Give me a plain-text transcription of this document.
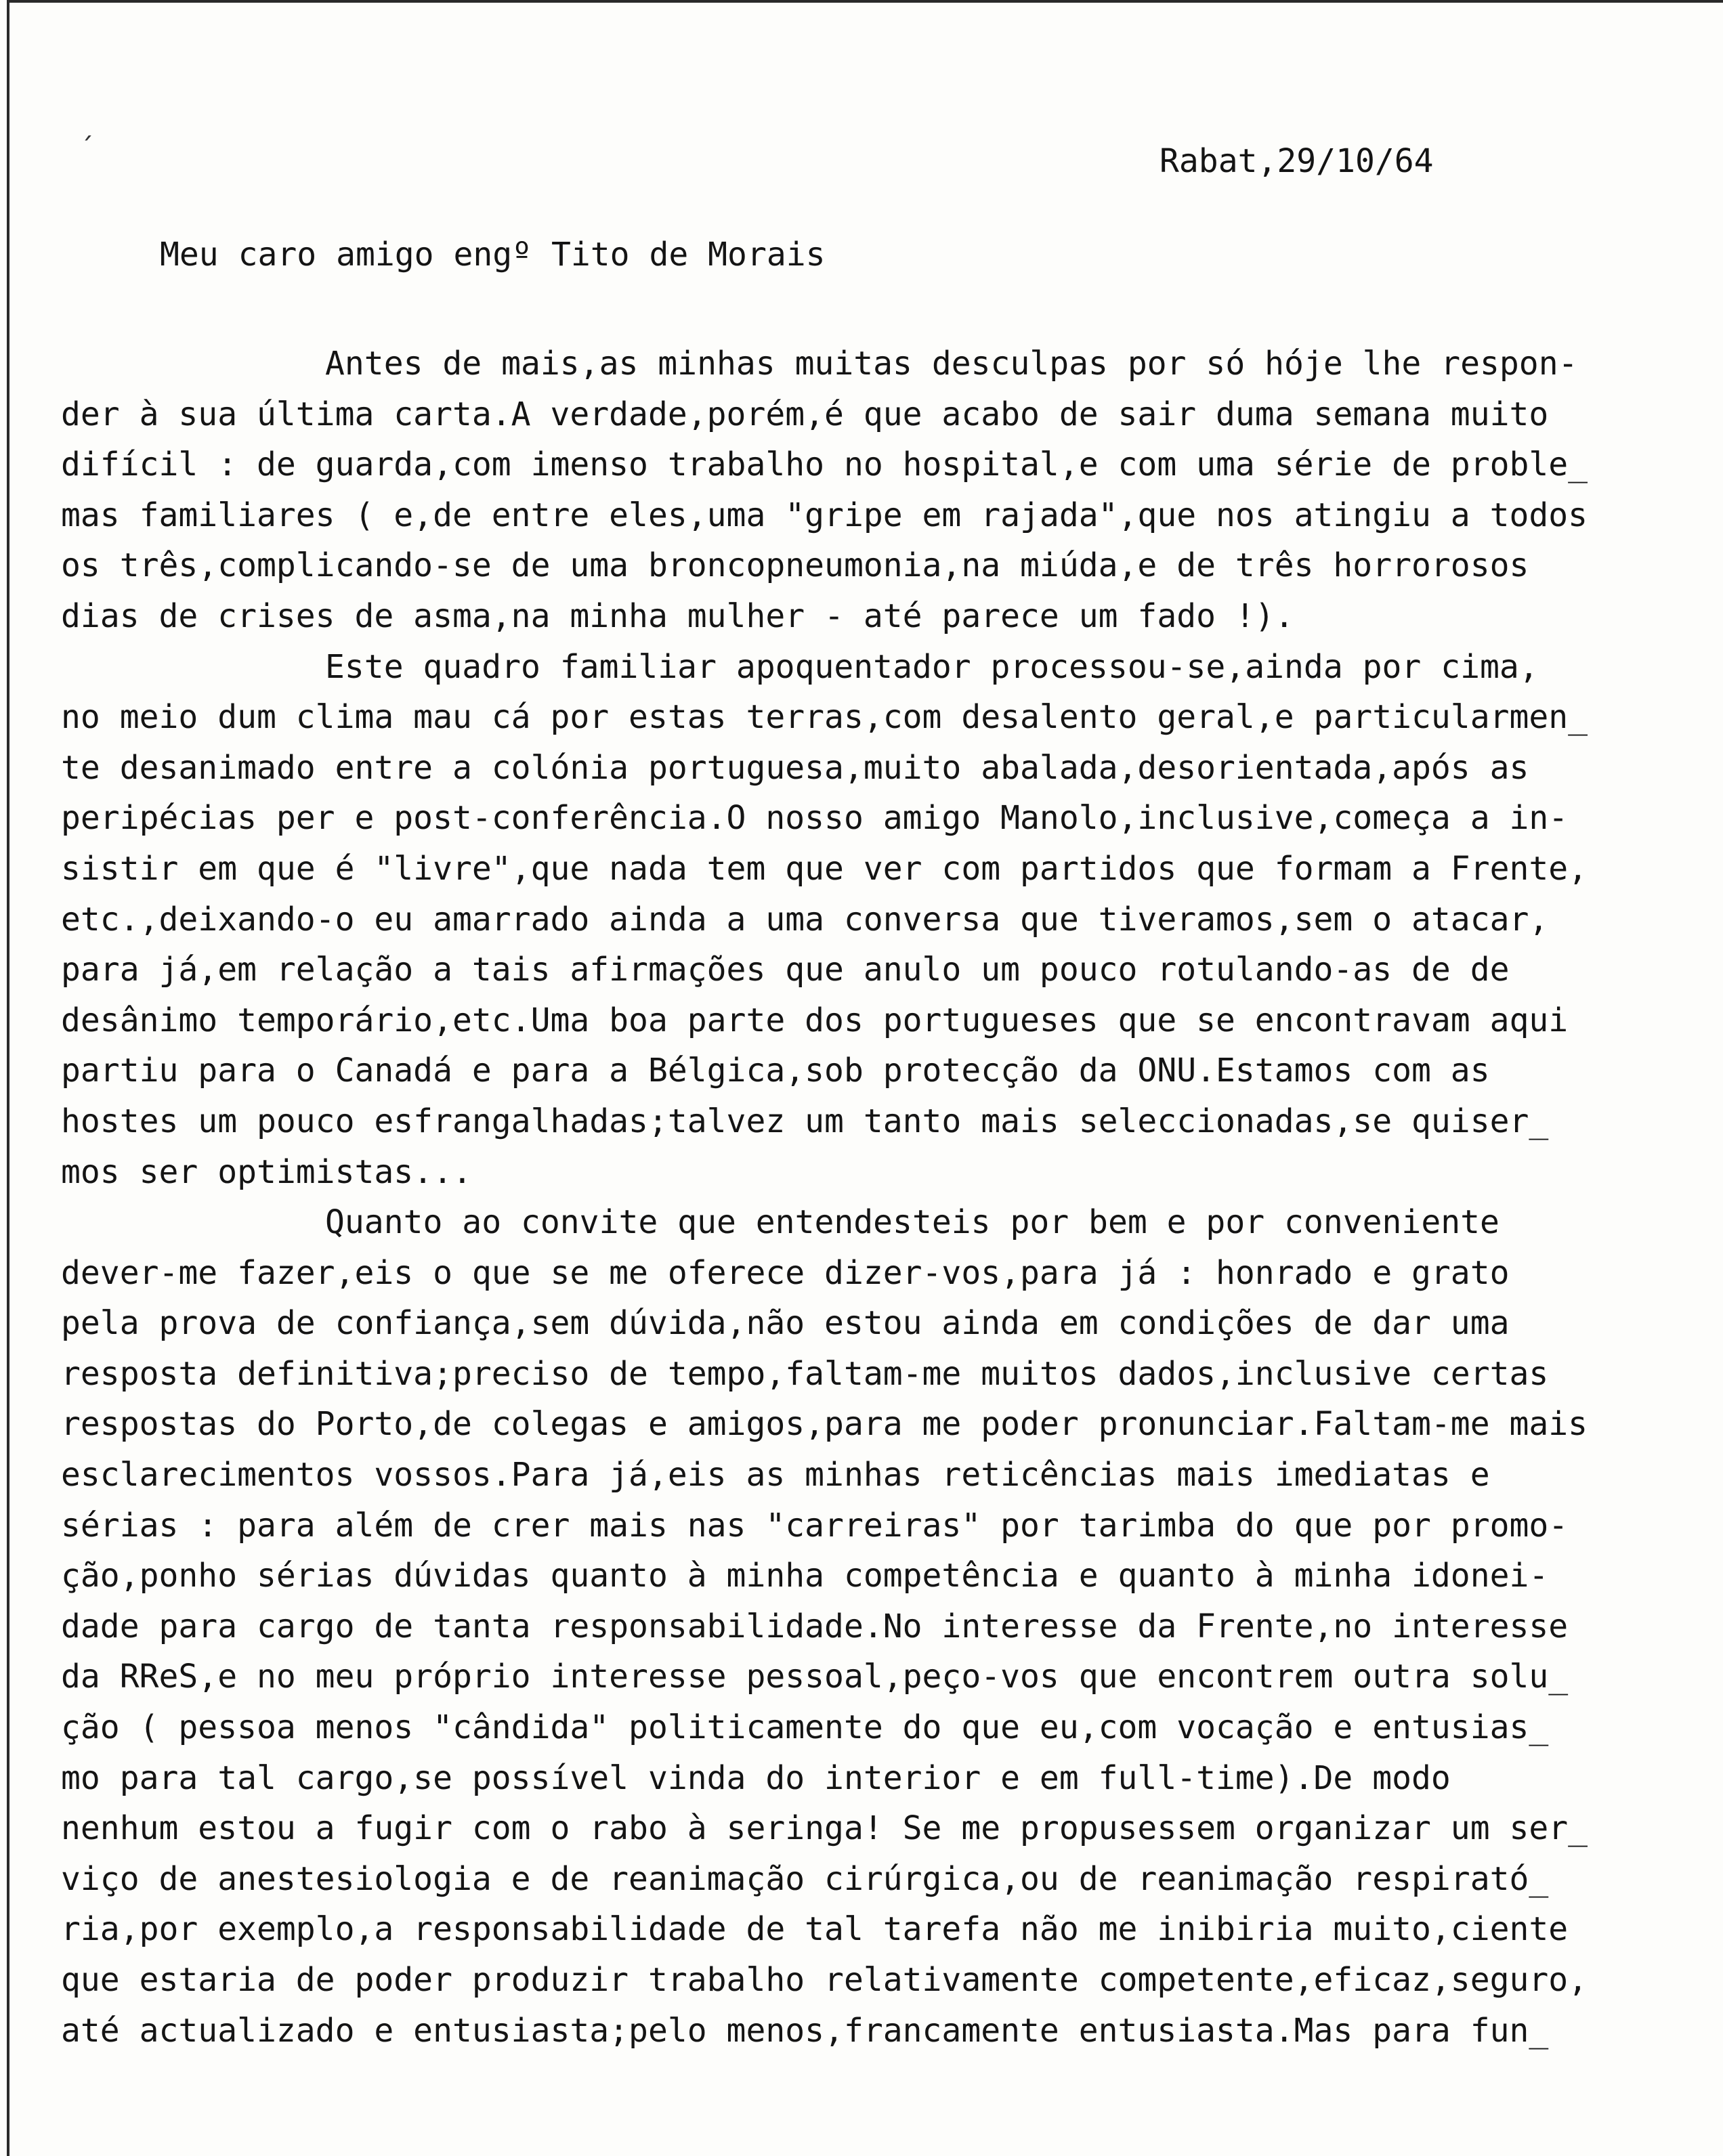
ˏ
Rabat,29/10/64
Meu caro amigo engº Tito de Morais
Antes de mais,as minhas muitas desculpas por só hóje lhe respon-
der à sua última carta.A verdade,porém,é que acabo de sair duma semana muito
difícil : de guarda,com imenso trabalho no hospital,e com uma série de proble_
mas familiares ( e,de entre eles,uma "gripe em rajada",que nos atingiu a todos
os três,complicando-se de uma broncopneumonia,na miúda,e de três horrorosos
dias de crises de asma,na minha mulher - até parece um fado !).
Este quadro familiar apoquentador processou-se,ainda por cima,
no meio dum clima mau cá por estas terras,com desalento geral,e particularmen_
te desanimado entre a colónia portuguesa,muito abalada,desorientada,após as
peripécias per e post-conferência.O nosso amigo Manolo,inclusive,começa a in-
sistir em que é "livre",que nada tem que ver com partidos que formam a Frente,
etc.,deixando-o eu amarrado ainda a uma conversa que tiveramos,sem o atacar,
para já,em relação a tais afirmações que anulo um pouco rotulando-as de de
desânimo temporário,etc.Uma boa parte dos portugueses que se encontravam aqui
partiu para o Canadá e para a Bélgica,sob protecção da ONU.Estamos com as
hostes um pouco esfrangalhadas;talvez um tanto mais seleccionadas,se quiser_
mos ser optimistas...
Quanto ao convite que entendesteis por bem e por conveniente
dever-me fazer,eis o que se me oferece dizer-vos,para já : honrado e grato
pela prova de confiança,sem dúvida,não estou ainda em condições de dar uma
resposta definitiva;preciso de tempo,faltam-me muitos dados,inclusive certas
respostas do Porto,de colegas e amigos,para me poder pronunciar.Faltam-me mais
esclarecimentos vossos.Para já,eis as minhas reticências mais imediatas e
sérias : para além de crer mais nas "carreiras" por tarimba do que por promo-
ção,ponho sérias dúvidas quanto à minha competência e quanto à minha idonei-
dade para cargo de tanta responsabilidade.No interesse da Frente,no interesse
da RReS,e no meu próprio interesse pessoal,peço-vos que encontrem outra solu_
ção ( pessoa menos "cândida" politicamente do que eu,com vocação e entusias_
mo para tal cargo,se possível vinda do interior e em full-time).De modo
nenhum estou a fugir com o rabo à seringa! Se me propusessem organizar um ser_
viço de anestesiologia e de reanimação cirúrgica,ou de reanimação respirató_
ria,por exemplo,a responsabilidade de tal tarefa não me inibiria muito,ciente
que estaria de poder produzir trabalho relativamente competente,eficaz,seguro,
até actualizado e entusiasta;pelo menos,francamente entusiasta.Mas para fun_
